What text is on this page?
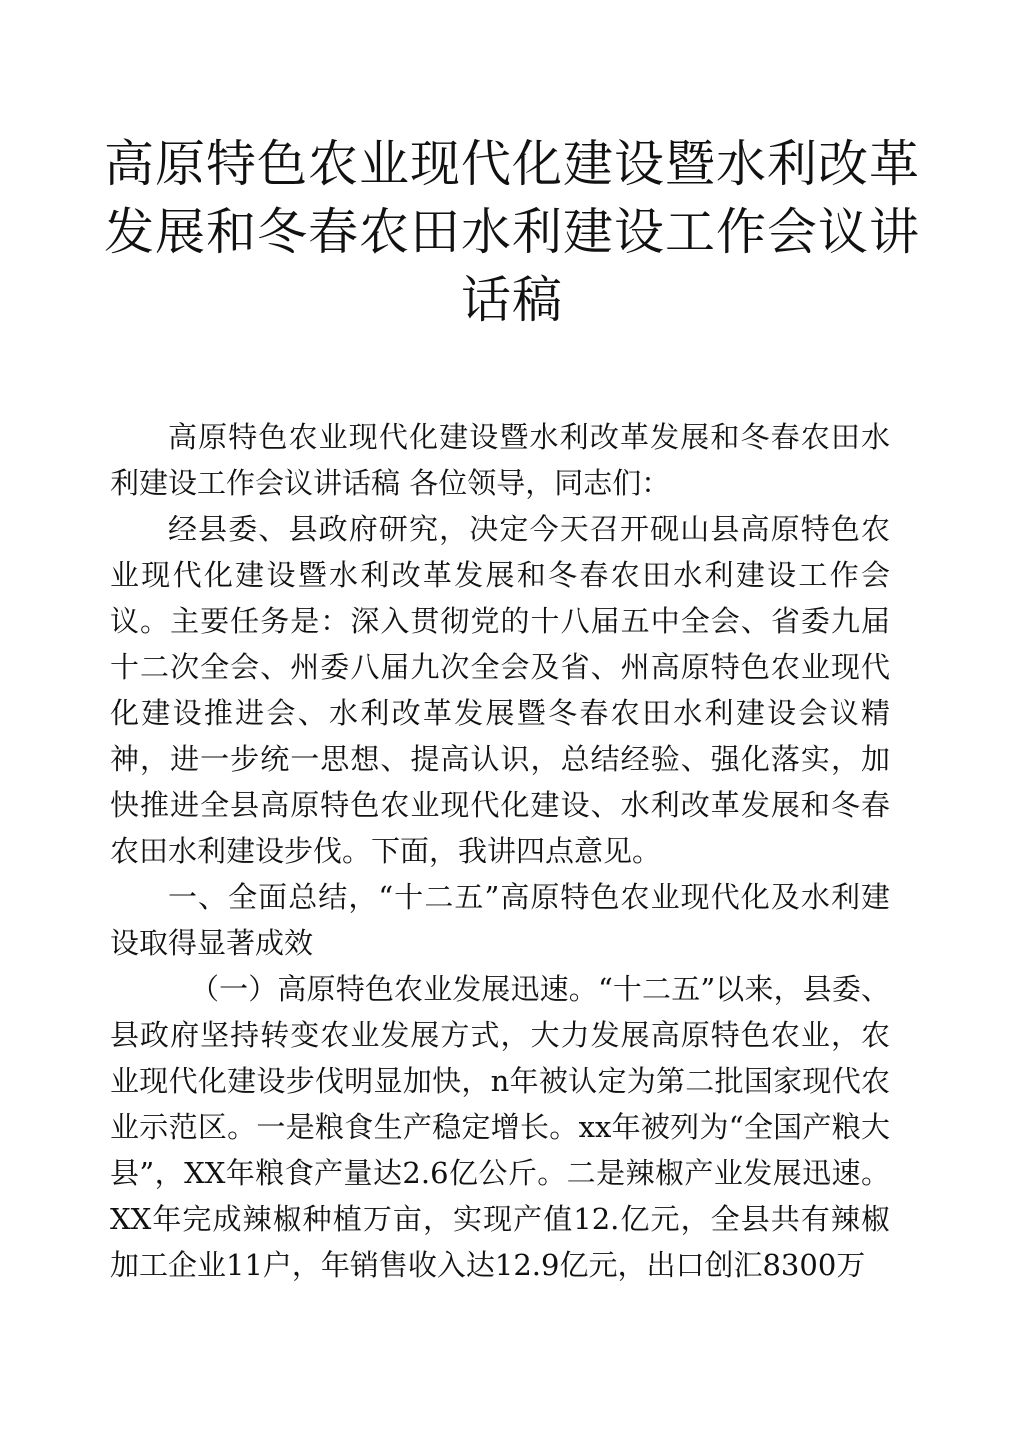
高原特色农业现代化建设暨水利改革
发展和冬春农田水利建设工作会议讲
话稿

高原特色农业现代化建设暨水利改革发展和冬春农田水利建设工作会议讲话稿 各位领导，同志们：

经县委、县政府研究，决定今天召开砚山县高原特色农业现代化建设暨水利改革发展和冬春农田水利建设工作会议。主要任务是：深入贯彻党的十八届五中全会、省委九届十二次全会、州委八届九次全会及省、州高原特色农业现代化建设推进会、水利改革发展暨冬春农田水利建设会议精神，进一步统一思想、提高认识，总结经验、强化落实，加快推进全县高原特色农业现代化建设、水利改革发展和冬春农田水利建设步伐。下面，我讲四点意见。

一、全面总结，“十二五”高原特色农业现代化及水利建设取得显著成效

（一）高原特色农业发展迅速。“十二五”以来，县委、县政府坚持转变农业发展方式，大力发展高原特色农业，农业现代化建设步伐明显加快，n年被认定为第二批国家现代农业示范区。一是粮食生产稳定增长。xx年被列为“全国产粮大县”，XX年粮食产量达2.6亿公斤。二是辣椒产业发展迅速。XX年完成辣椒种植万亩，实现产值12.亿元，全县共有辣椒加工企业11户，年销售收入达12.9亿元，出口创汇8300万
